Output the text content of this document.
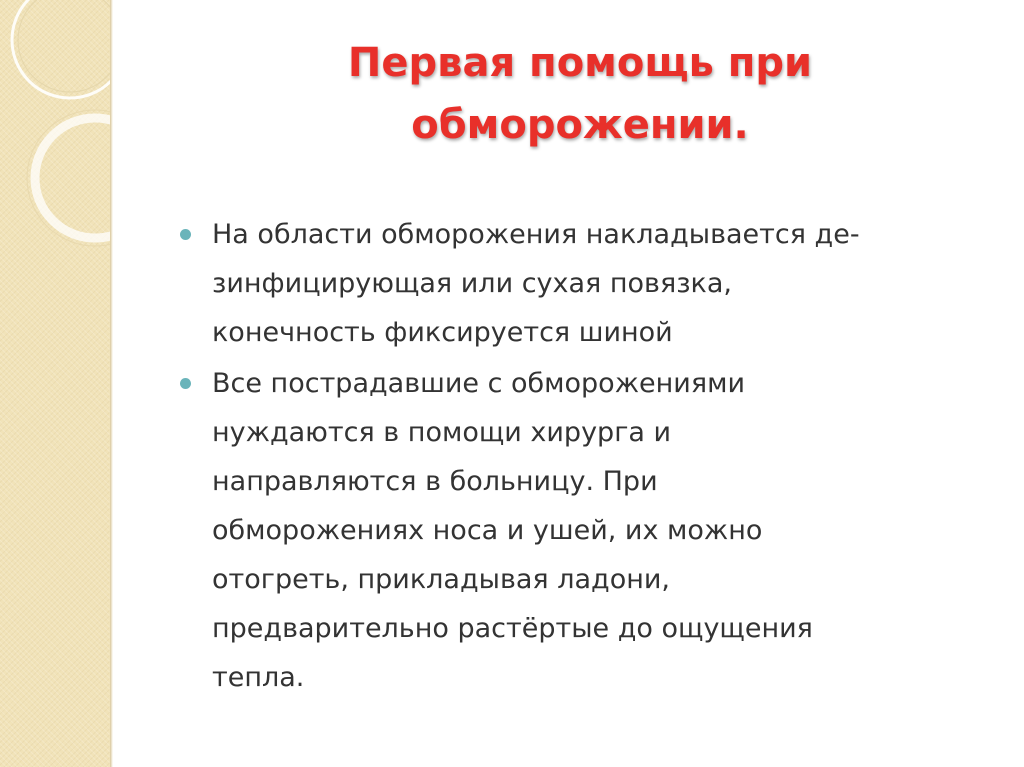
Первая помощь при
обморожении.
На области обморожения накладывается де-
зинфицирующая или сухая повязка,
конечность фиксируется шиной
Все пострадавшие с обморожениями
нуждаются в помощи хирурга и
направляются в больницу. При
обморожениях носа и ушей, их можно
отогреть, прикладывая ладони,
предварительно растёртые до ощущения
тепла.
